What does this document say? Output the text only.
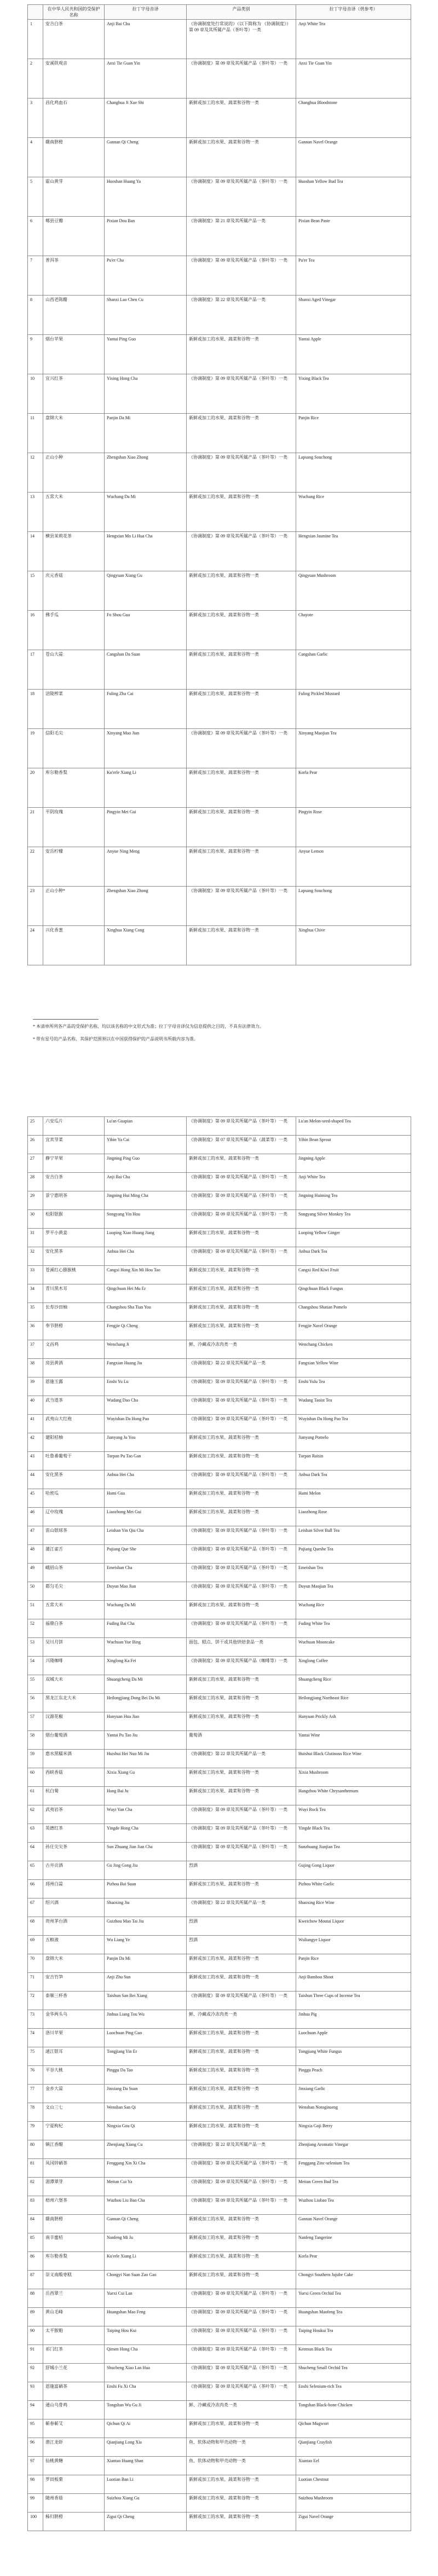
	在中华人民共和国的受保护名称	拉丁字母音译	产品类别	拉丁字母音译（供参考）
1	安吉白茶	Anji Bai Cha	《协调制度处行常说的》（以下简称为 《协调制度》）第 09 章及其所属产品（茶叶等）一类	Anji White Tea
2	安溪铁观音	Anxi Tie Guan Yin	《协调制度》第 09 章及其所属产品（茶叶等）一类	Anxi Tie Guan Yin
3	昌化鸡血石	Changhua Ji Xue Shi	新鲜或加工的水果、蔬菜和谷物一类	Changhua Bloodstone
4	赣南脐橙	Gannan Qi Cheng	新鲜或加工的水果、蔬菜和谷物一类	Gannan Navel Orange
5	霍山黄芽	Huoshan Huang Ya	《协调制度》第 09 章及其所属产品（茶叶等）一类	Huoshan Yellow Bud Tea
6	郫县豆瓣	Pixian Dou Ban	《协调制度》第 21 章及其所属产品一类	Pixian Bean Paste
7	普洱茶	Pu'er Cha	《协调制度》第 09 章及其所属产品（茶叶等）一类	Pu'er Tea
8	山西老陈醋	Shanxi Lao Chen Cu	《协调制度》第 22 章及其所属产品一类	Shanxi Aged Vinegar
9	烟台苹果	Yantai Ping Guo	新鲜或加工的水果、蔬菜和谷物一类	Yantai Apple
10	宜兴红茶	Yixing Hong Cha	《协调制度》第 09 章及其所属产品（茶叶等）一类	Yixing Black Tea
11	盘锦大米	Panjin Da Mi	新鲜或加工的水果、蔬菜和谷物一类	Panjin Rice
12	正山小种	Zhengshan Xiao Zhong	《协调制度》第 09 章及其所属产品（茶叶等）一类	Lapsang Souchong
13	五常大米	Wuchang Da Mi	新鲜或加工的水果、蔬菜和谷物一类	Wuchang Rice
14	横县茉莉花茶	Hengxian Mo Li Hua Cha	《协调制度》第 09 章及其所属产品（茶叶等）一类	Hengxian Jasmine Tea
15	庆元香菇	Qingyuan Xiang Gu	新鲜或加工的水果、蔬菜和谷物一类	Qingyuan Mushroom
16	佛手瓜	Fo Shou Gua	新鲜或加工的水果、蔬菜和谷物一类	Chayote
17	苍山大蒜	Cangshan Da Suan	新鲜或加工的水果、蔬菜和谷物一类	Cangshan Garlic
18	涪陵榨菜	Fuling Zha Cai	新鲜或加工的水果、蔬菜和谷物一类	Fuling Pickled Mustard
19	信阳毛尖	Xinyang Mao Jian	《协调制度》第 09 章及其所属产品（茶叶等）一类	Xinyang Maojian Tea
20	库尔勒香梨	Ku'erle Xiang Li	新鲜或加工的水果、蔬菜和谷物一类	Korla Pear
21	平阴玫瑰	Pingyin Mei Gui	新鲜或加工的水果、蔬菜和谷物一类	Pingyin Rose
22	安岳柠檬	Anyue Ning Meng	新鲜或加工的水果、蔬菜和谷物一类	Anyue Lemon
23	正山小种*	Zhengshan Xiao Zhong	《协调制度》第 09 章及其所属产品（茶叶等）一类	Lapsang Souchong
24	兴化香葱	Xinghua Xiang Cong	新鲜或加工的水果、蔬菜和谷物一类	Xinghua Chive

* 本清单所列各产品的受保护名称，均以该名称的中文形式为准；拉丁字母音译仅为信息提供之目的，不具有法律效力。

* 带有星号的产品名称，其保护范围须以在中国获得保护的产品说明书所载内容为准。

25	六安瓜片	Lu'an Guapian	《协调制度》第 09 章及其所属产品（茶叶等）一类	Lu'an Melon-seed-shaped Tea
26	宜宾芽菜	Yibin Ya Cai	《协调制度》第 07 章及其所属产品（蔬菜等）一类	Yibin Bean Sprout
27	静宁苹果	Jingning Ping Guo	新鲜或加工的水果、蔬菜和谷物一类	Jingning Apple
28	安吉白茶	Anji Bai Cha	《协调制度》第 09 章及其所属产品（茶叶等）一类	Anji White Tea
29	景宁惠明茶	Jingning Hui Ming Cha	《协调制度》第 09 章及其所属产品（茶叶等）一类	Jingning Huiming Tea
30	松阳银猴	Songyang Yin Hou	《协调制度》第 09 章及其所属产品（茶叶等）一类	Songyang Silver Monkey Tea
31	罗平小黄姜	Luoping Xiao Huang Jiang	新鲜或加工的水果、蔬菜和谷物一类	Luoping Yellow Ginger
32	安化黑茶	Anhua Hei Cha	《协调制度》第 09 章及其所属产品（茶叶等）一类	Anhua Dark Tea
33	苍溪红心猕猴桃	Cangxi Hong Xin Mi Hou Tao	新鲜或加工的水果、蔬菜和谷物一类	Cangxi Red Kiwi Fruit
34	青川黑木耳	Qingchuan Hei Mu Er	新鲜或加工的水果、蔬菜和谷物一类	Qingchuan Black Fungus
35	长寿沙田柚	Changshou Sha Tian You	新鲜或加工的水果、蔬菜和谷物一类	Changshou Shatian Pomelo
36	奉节脐橙	Fengjie Qi Cheng	新鲜或加工的水果、蔬菜和谷物一类	Fengjie Navel Orange
37	文昌鸡	Wenchang Ji	鲜、冷藏或冷冻肉类一类	Wenchang Chicken
38	房县黄酒	Fangxian Huang Jiu	《协调制度》第 22 章及其所属产品一类	Fangxian Yellow Wine
39	恩施玉露	Enshi Yu Lu	《协调制度》第 09 章及其所属产品（茶叶等）一类	Enshi Yulu Tea
40	武当道茶	Wudang Dao Cha	《协调制度》第 09 章及其所属产品（茶叶等）一类	Wudang Taoist Tea
41	武夷山大红袍	Wuyishan Da Hong Pao	《协调制度》第 09 章及其所属产品（茶叶等）一类	Wuyishan Da Hong Pao Tea
42	建阳桔柚	Jianyang Ju You	新鲜或加工的水果、蔬菜和谷物一类	Jianyang Pomelo
43	吐鲁番葡萄干	Turpan Pu Tao Gan	新鲜或加工的水果、蔬菜和谷物一类	Turpan Raisin
44	安化黑茶	Anhua Hei Cha	《协调制度》第 09 章及其所属产品（茶叶等）一类	Anhua Dark Tea
45	哈密瓜	Hami Gua	新鲜或加工的水果、蔬菜和谷物一类	Hami Melon
46	辽中玫瑰	Liaozhong Mei Gui	新鲜或加工的水果、蔬菜和谷物一类	Liaozhong Rose
47	雷山银球茶	Leishan Yin Qiu Cha	《协调制度》第 09 章及其所属产品（茶叶等）一类	Leishan Silver Ball Tea
48	蒲江雀舌	Pujiang Que She	《协调制度》第 09 章及其所属产品（茶叶等）一类	Pujiang Queshe Tea
49	峨眉山茶	Emeishan Cha	《协调制度》第 09 章及其所属产品（茶叶等）一类	Emeishan Tea
50	都匀毛尖	Duyun Mao Jian	《协调制度》第 09 章及其所属产品（茶叶等）一类	Duyun Maojian Tea
51	五常大米	Wuchang Da Mi	新鲜或加工的水果、蔬菜和谷物一类	Wuchang Rice
52	福鼎白茶	Fuding Bai Cha	《协调制度》第 09 章及其所属产品（茶叶等）一类	Fuding White Tea
53	吴川月饼	Wuchuan Yue Bing	面包、糕点、饼干或其他烘焙食品一类	Wuchuan Mooncake
54	兴隆咖啡	Xinglong Ka Fei	《协调制度》第 09 章及其所属产品（咖啡等）一类	Xinglong Coffee
55	双城大米	Shuangcheng Da Mi	新鲜或加工的水果、蔬菜和谷物一类	Shuangcheng Rice
56	黑龙江东北大米	Heilongjiang Dong Bei Da Mi	新鲜或加工的水果、蔬菜和谷物一类	Heilongjiang Northeast Rice
57	汉源花椒	Hanyuan Hua Jiao	新鲜或加工的水果、蔬菜和谷物一类	Hanyuan Prickly Ash
58	烟台葡萄酒	Yantai Pu Tao Jiu	葡萄酒	Yantai Wine
59	惠水黑糯米酒	Huishui Hei Nuo Mi Jiu	《协调制度》第 22 章及其所属产品一类	Huishui Black Glutinous Rice Wine
60	西峡香菇	Xixia Xiang Gu	新鲜或加工的水果、蔬菜和谷物一类	Xixia Mushroom
61	杭白菊	Hang Bai Ju	新鲜或加工的水果、蔬菜和谷物一类	Hangzhou White Chrysanthemum
62	武夷岩茶	Wuyi Yan Cha	《协调制度》第 09 章及其所属产品（茶叶等）一类	Wuyi Rock Tea
63	英德红茶	Yingde Hong Cha	《协调制度》第 09 章及其所属产品（茶叶等）一类	Yingde Black Tea
64	孙庄尖尖茶	Sun Zhuang Jian Jian Cha	《协调制度》第 09 章及其所属产品（茶叶等）一类	Sunzhuang Jianjian Tea
65	古井贡酒	Gu Jing Gong Jiu	烈酒	Gujing Gong Liquor
66	邳州白蒜	Pizhou Bai Suan	新鲜或加工的水果、蔬菜和谷物一类	Pizhou White Garlic
67	绍兴酒	Shaoxing Jiu	《协调制度》第 22 章及其所属产品一类	Shaoxing Rice Wine
68	贵州茅台酒	Guizhou Mao Tai Jiu	烈酒	Kweichow Moutai Liquor
69	五粮液	Wu Liang Ye	烈酒	Wuliangye Liquor
70	盘锦大米	Panjin Da Mi	新鲜或加工的水果、蔬菜和谷物一类	Panjin Rice
71	安吉竹笋	Anji Zhu Sun	新鲜或加工的水果、蔬菜和谷物一类	Anji Bamboo Shoot
72	泰顺三杯香	Taishun San Bei Xiang	《协调制度》第 09 章及其所属产品（茶叶等）一类	Taishun Three Cups of Incense Tea
73	金华两头乌	Jinhua Liang Tou Wu	鲜、冷藏或冷冻肉类一类	Jinhua Pig
74	洛川苹果	Luochuan Ping Guo	新鲜或加工的水果、蔬菜和谷物一类	Luochuan Apple
75	通江银耳	Tongjiang Yin Er	新鲜或加工的水果、蔬菜和谷物一类	Tongjiang White Fungus
76	平谷大桃	Pinggu Da Tao	新鲜或加工的水果、蔬菜和谷物一类	Pinggu Peach
77	金乡大蒜	Jinxiang Da Suan	新鲜或加工的水果、蔬菜和谷物一类	Jinxiang Garlic
78	文山三七	Wenshan San Qi	新鲜或加工的水果、蔬菜和谷物一类	Wenshan Notoginseng
79	宁夏枸杞	Ningxia Gou Qi	新鲜或加工的水果、蔬菜和谷物一类	Ningxia Goji Berry
80	镇江香醋	Zhenjiang Xiang Cu	《协调制度》第 22 章及其所属产品一类	Zhenjiang Aromatic Vinegar
81	凤冈锌硒茶	Fenggang Xin Xi Cha	《协调制度》第 09 章及其所属产品（茶叶等）一类	Fenggang Zinc-selenium Tea
82	湄潭翠芽	Meitan Cui Ya	《协调制度》第 09 章及其所属产品（茶叶等）一类	Meitan Green Bud Tea
83	梧州六堡茶	Wuzhou Liu Bao Cha	《协调制度》第 09 章及其所属产品（茶叶等）一类	Wuzhou Liubao Tea
84	赣南脐橙	Gannan Qi Cheng	新鲜或加工的水果、蔬菜和谷物一类	Gannan Navel Orange
85	南丰蜜桔	Nanfeng Mi Ju	新鲜或加工的水果、蔬菜和谷物一类	Nanfeng Tangerine
86	库尔勒香梨	Ku'erle Xiang Li	新鲜或加工的水果、蔬菜和谷物一类	Korla Pear
87	崇义南酸枣糕	Chongyi Nan Suan Zao Gao	新鲜或加工的水果、蔬菜和谷物一类	Chongyi Southern Jujube Cake
88	岳西翠兰	Yuexi Cui Lan	《协调制度》第 09 章及其所属产品（茶叶等）一类	Yuexi Green Orchid Tea
89	黄山毛峰	Huangshan Mao Feng	《协调制度》第 09 章及其所属产品（茶叶等）一类	Huangshan Maofeng Tea
90	太平猴魁	Taiping Hou Kui	《协调制度》第 09 章及其所属产品（茶叶等）一类	Taiping Houkui Tea
91	祁门红茶	Qimen Hong Cha	《协调制度》第 09 章及其所属产品（茶叶等）一类	Keemun Black Tea
92	舒城小兰花	Shucheng Xiao Lan Hua	《协调制度》第 09 章及其所属产品（茶叶等）一类	Shucheng Small Orchid Tea
93	恩施富硒茶	Enshi Fu Xi Cha	《协调制度》第 09 章及其所属产品（茶叶等）一类	Enshi Selenium-rich Tea
94	通山乌骨鸡	Tongshan Wu Gu Ji	鲜、冷藏或冷冻肉类一类	Tongshan Black-bone Chicken
95	蕲春蕲艾	Qichun Qi Ai	新鲜或加工的水果、蔬菜和谷物一类	Qichun Mugwort
96	潜江龙虾	Qianjiang Long Xia	鱼、软体动物和甲壳动物一类	Qianjiang Crayfish
97	仙桃黄鳝	Xiantao Huang Shan	鱼、软体动物和甲壳动物一类	Xiantao Eel
98	罗田板栗	Luotian Ban Li	新鲜或加工的水果、蔬菜和谷物一类	Luotian Chestnut
99	随州香菇	Suizhou Xiang Gu	新鲜或加工的水果、蔬菜和谷物一类	Suizhou Mushroom
100	秭归脐橙	Zigui Qi Cheng	新鲜或加工的水果、蔬菜和谷物一类	Zigui Navel Orange
